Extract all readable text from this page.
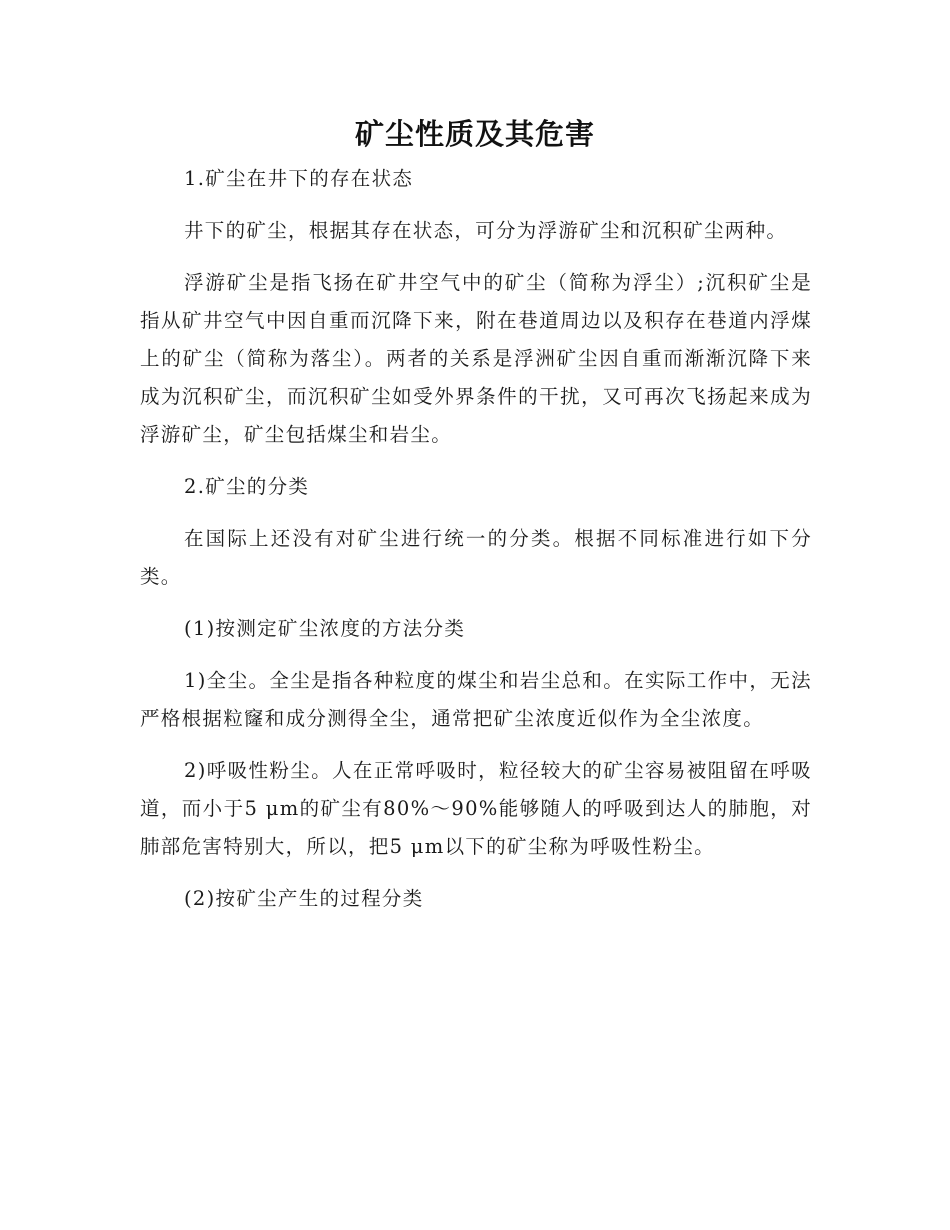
矿尘性质及其危害

1.矿尘在井下的存在状态

井下的矿尘，根据其存在状态，可分为浮游矿尘和沉积矿尘两种。

浮游矿尘是指飞扬在矿井空气中的矿尘（简称为浮尘）;沉积矿尘是指从矿井空气中因自重而沉降下来，附在巷道周边以及积存在巷道内浮煤上的矿尘（简称为落尘）。两者的关系是浮洲矿尘因自重而渐渐沉降下来成为沉积矿尘，而沉积矿尘如受外界条件的干扰，又可再次飞扬起来成为浮游矿尘，矿尘包括煤尘和岩尘。

2.矿尘的分类

在国际上还没有对矿尘进行统一的分类。根据不同标准进行如下分类。

(1)按测定矿尘浓度的方法分类

1)全尘。全尘是指各种粒度的煤尘和岩尘总和。在实际工作中，无法严格根据粒窿和成分测得全尘，通常把矿尘浓度近似作为全尘浓度。

2)呼吸性粉尘。人在正常呼吸时，粒径较大的矿尘容易被阻留在呼吸道，而小于5 μm的矿尘有80%～90%能够随人的呼吸到达人的肺胞，对肺部危害特别大，所以，把5 μm以下的矿尘称为呼吸性粉尘。

(2)按矿尘产生的过程分类
